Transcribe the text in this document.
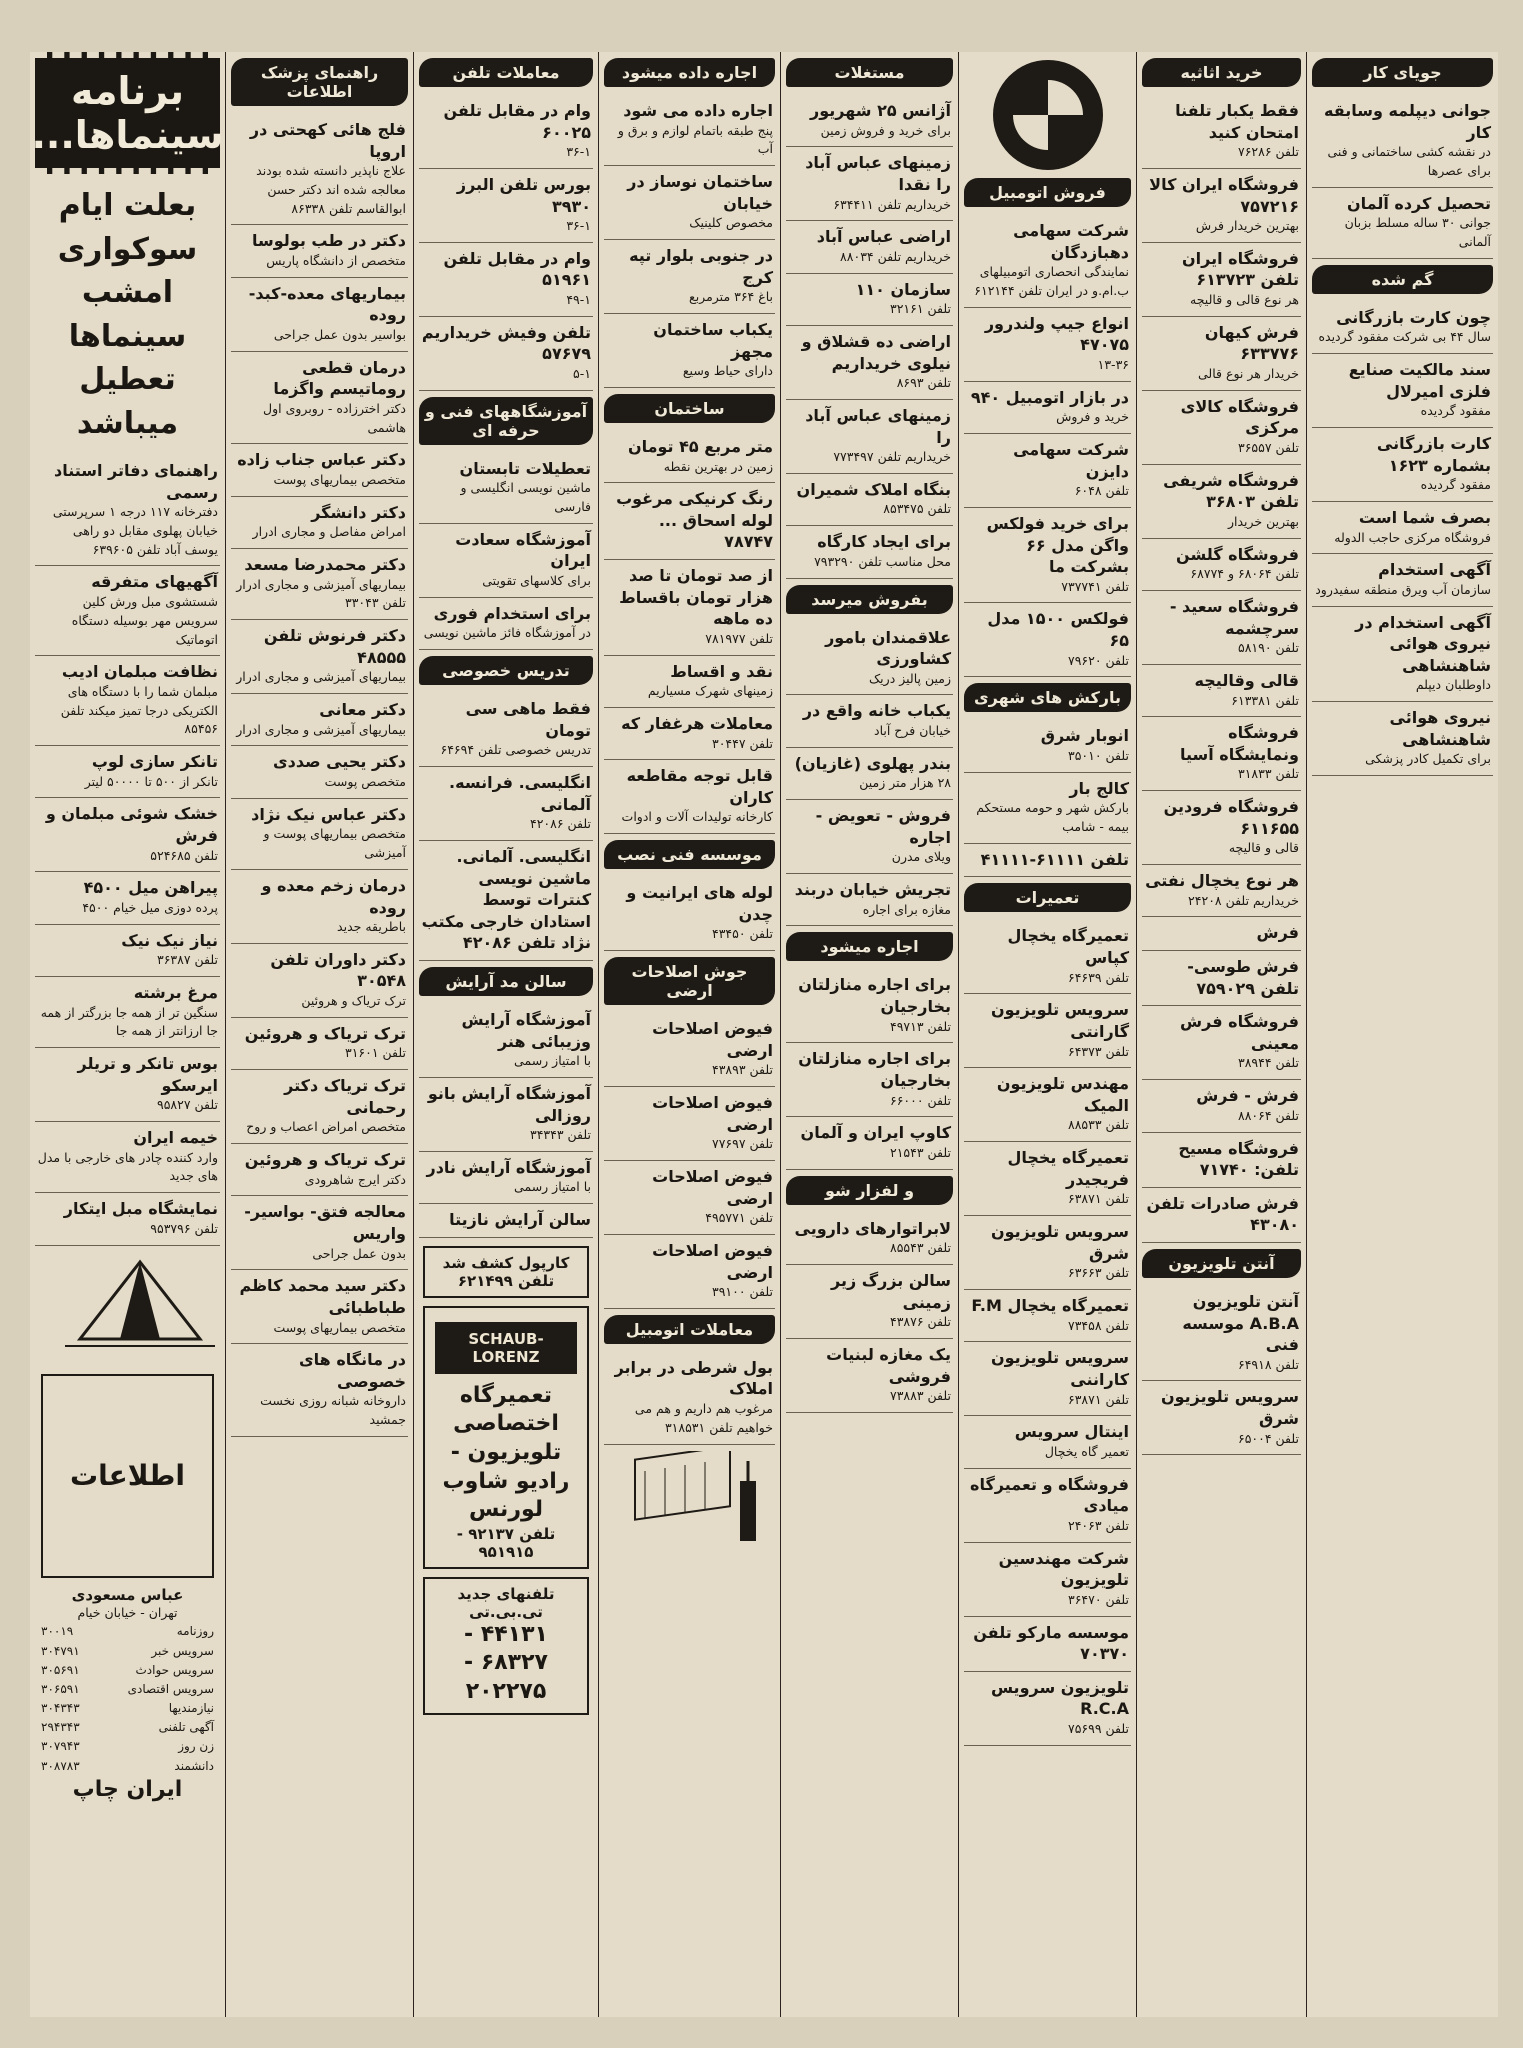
جویای کار
جوانی دیپلمه وسابقه کار
در نقشه کشی ساختمانی و فنی برای عصرها
تحصیل کرده آلمان
جوانی ۳۰ ساله مسلط بزبان آلمانی
گم شده
چون کارت بازرگانی
سال ۴۴ بی شرکت مفقود گردیده
سند مالکیت صنایع فلزی امیرلال
مفقود گردیده
کارت بازرگانی بشماره ۱۶۲۳
مفقود گردیده
بصرف شما است
فروشگاه مرکزی حاجب الدوله
آگهی استخدام
سازمان آب ویرق منطقه سفیدرود
آگهی استخدام در نیروی هوائی شاهنشاهی
داوطلبان دیپلم
نیروی هوائی شاهنشاهی
برای تکمیل کادر پزشکی
خرید اثاثیه
فقط یکبار تلفنا امتحان کنید
تلفن ۷۶۲۸۶
فروشگاه ایران کالا ۷۵۷۲۱۶
بهترین خریدار فرش
فروشگاه ایران تلفن ۶۱۳۷۲۳
هر نوع قالی و قالیچه
فرش کیهان ۶۳۳۷۷۶
خریدار هر نوع قالی
فروشگاه کالای مرکزی
تلفن ۳۶۵۵۷
فروشگاه شریفی تلفن ۳۶۸۰۳
بهترین خریدار
فروشگاه گلشن
تلفن ۶۸۰۶۴ و ۶۸۷۷۴
فروشگاه سعید - سرچشمه
تلفن ۵۸۱۹۰
قالی وقالیچه
تلفن ۶۱۳۳۸۱
فروشگاه ونمایشگاه آسیا
تلفن ۳۱۸۳۳
فروشگاه فرودین ۶۱۱۶۵۵
قالی و قالیچه
هر نوع یخچال نفتی
خریداریم تلفن ۲۴۲۰۸
فرش
فرش طوسی- تلفن ۷۵۹۰۲۹
فروشگاه فرش معینی
تلفن ۳۸۹۴۴
فرش - فرش
تلفن ۸۸۰۶۴
فروشگاه مسیح تلفن: ۷۱۷۴۰
فرش صادرات تلفن ۴۳۰۸۰
آنتن تلویزیون
آنتن تلویزیون A.B.A موسسه فنی
تلفن ۶۴۹۱۸
سرویس تلویزیون شرق
تلفن ۶۵۰۰۴
فروش اتومبیل
شرکت سهامی دهبازدگان
نمایندگی انحصاری اتومبیلهای ب.ام.و در ایران تلفن ۶۱۲۱۴۴
انواع جیپ ولندرور ۴۷۰۷۵
۱۳-۳۶
در بازار اتومبیل ۹۴۰
خرید و فروش
شرکت سهامی دایزن
تلفن ۶۰۴۸
برای خرید فولکس واگن مدل ۶۶ بشرکت ما
تلفن ۷۳۷۷۴۱
فولکس ۱۵۰۰ مدل ۶۵
تلفن ۷۹۶۲۰
بارکش های شهری
انوبار شرق
تلفن ۳۵۰۱۰
کالج بار
بارکش شهر و حومه مستحکم بیمه - شامب
تلفن ۶۱۱۱۱-۴۱۱۱۱
تعمیرات
تعمیرگاه یخچال کپاس
تلفن ۶۴۶۳۹
سرویس تلویزیون گارانتی
تلفن ۶۴۳۷۳
مهندس تلویزیون المیک
تلفن ۸۸۵۳۳
تعمیرگاه یخچال فریجیدر
تلفن ۶۳۸۷۱
سرویس تلویزیون شرق
تلفن ۶۳۶۶۳
تعمیرگاه یخچال F.M
تلفن ۷۳۴۵۸
سرویس تلویزیون کاراننی
تلفن ۶۳۸۷۱
اینتال سرویس
تعمیر گاه یخچال
فروشگاه و تعمیرگاه میادی
تلفن ۲۴۰۶۳
شرکت مهندسین تلویزیون
تلفن ۳۶۴۷۰
موسسه مارکو تلفن ۷۰۳۷۰
تلویزیون سرویس R.C.A
تلفن ۷۵۶۹۹
مستغلات
آژانس ۲۵ شهریور
برای خرید و فروش زمین
زمینهای عباس آباد را نقدا
خریداریم تلفن ۶۳۴۴۱۱
اراضی عباس آباد
خریداریم تلفن ۸۸۰۳۴
سازمان ۱۱۰
تلفن ۳۲۱۶۱
اراضی ده قشلاق و نیلوی خریداریم
تلفن ۸۶۹۳
زمینهای عباس آباد را
خریداریم تلفن ۷۷۳۴۹۷
بنگاه املاک شمیران
تلفن ۸۵۳۴۷۵
برای ایجاد کارگاه
محل مناسب تلفن ۷۹۳۲۹۰
بفروش میرسد
علاقمندان بامور کشاورزی
زمین پالیز دریک
یکباب خانه واقع در
خیابان فرح آباد
بندر پهلوی (غازیان)
۲۸ هزار متر زمین
فروش - تعویض - اجاره
ویلای مدرن
تجریش خیابان دربند
مغازه برای اجاره
اجاره میشود
برای اجاره منازلتان بخارجیان
تلفن ۴۹۷۱۳
برای اجاره منازلتان بخارجیان
تلفن ۶۶۰۰۰
کاوپ ایران و آلمان
تلفن ۲۱۵۴۳
و لفزار شو
لابراتوارهای دارویی
تلفن ۸۵۵۴۳
سالن بزرگ زیر زمینی
تلفن ۴۳۸۷۶
یک مغازه لبنیات فروشی
تلفن ۷۳۸۸۳
اجاره داده میشود
اجاره داده می شود
پنج طبقه باتمام لوازم و برق و آب
ساختمان نوساز در خیابان
مخصوص کلینیک
در جنوبی بلوار تپه کرج
باغ ۳۶۴ مترمربع
یکباب ساختمان مجهز
دارای حیاط وسیع
ساختمان
متر مربع ۴۵ تومان
زمین در بهترین نقطه
رنگ کرنیکی مرغوب لوله اسحاق ... ۷۸۷۴۷
از صد تومان تا صد هزار تومان باقساط ده ماهه
تلفن ۷۸۱۹۷۷
نقد و اقساط
زمینهای شهرک مسیاریم
معاملات هرغفار که
تلفن ۳۰۴۴۷
قابل توجه مقاطعه کاران
کارخانه تولیدات آلات و ادوات
موسسه فنی نصب
لوله های ایرانیت و چدن
تلفن ۴۳۴۵۰
جوش اصلاحات ارضی
فیوض اصلاحات ارضی
تلفن ۴۳۸۹۳
فیوض اصلاحات ارضی
تلفن ۷۷۶۹۷
فیوض اصلاحات ارضی
تلفن ۴۹۵۷۷۱
فیوض اصلاحات ارضی
تلفن ۳۹۱۰۰
معاملات اتومبیل
بول شرطی در برابر املاک
مرغوب هم داریم و هم می خواهیم تلفن ۳۱۸۵۳۱
معاملات تلفن
وام در مقابل تلفن ۶۰۰۲۵
۳۶-۱
بورس تلفن البرز ۳۹۳۰
۳۶-۱
وام در مقابل تلفن ۵۱۹۶۱
۴۹-۱
تلفن وفیش خریداریم ۵۷۶۷۹
۵-۱
آموزشگاههای فنی و حرفه ای
تعطیلات تابستان
ماشین نویسی انگلیسی و فارسی
آموزشگاه سعادت ایران
برای کلاسهای تقویتی
برای استخدام فوری
در آموزشگاه فائز ماشین نویسی
تدریس خصوصی
فقط ماهی سی تومان
تدریس خصوصی تلفن ۶۴۶۹۴
انگلیسی. فرانسه. آلمانی
تلفن ۴۲۰۸۶
انگلیسی. آلمانی. ماشین نویسی کنترات توسط استادان خارجی مکتب نژاد تلفن ۴۲۰۸۶
سالن مد آرایش
آموزشگاه آرایش وزیبائی هنر
با امتیاز رسمی
آموزشگاه آرایش بانو روزالی
تلفن ۳۴۳۴۳
آموزشگاه آرایش نادر
با امتیاز رسمی
سالن آرایش نازیتا
کارپول کشف شد تلفن ۶۲۱۴۹۹
SCHAUB-LORENZ
تعمیرگاه اختصاصی تلویزیون - رادیو شاوب لورنس
تلفن ۹۲۱۳۷ - ۹۵۱۹۱۵
تلفنهای جدید تی.بی.تی
۴۴۱۳۱ - ۶۸۳۲۷ - ۲۰۲۲۷۵
راهنمای پزشک اطلاعات
فلج هائی کهحتی در اروپا
علاج ناپذیر دانسته شده بودند معالجه شده اند دکتر حسن ابوالقاسم تلفن ۸۶۳۳۸
دکتر در طب بولوسا
متخصص از دانشگاه پاریس
بیماریهای معده-کبد-روده
بواسیر بدون عمل جراحی
درمان قطعی روماتیسم واگزما
دکتر اخترزاده - روبروی اول هاشمی
دکتر عباس جناب زاده
متخصص بیماریهای پوست
دکتر دانشگر
امراض مفاصل و مجاری ادرار
دکتر محمدرضا مسعد
بیماریهای آمیزشی و مجاری ادرار تلفن ۳۳۰۴۳
دکتر فرنوش تلفن ۴۸۵۵۵
بیماریهای آمیزشی و مجاری ادرار
دکتر معانی
بیماریهای آمیزشی و مجاری ادرار
دکتر یحیی صددی
متخصص پوست
دکتر عباس نیک نژاد
متخصص بیماریهای پوست و آمیزشی
درمان زخم معده و روده
باطریقه جدید
دکتر داوران تلفن ۳۰۵۴۸
ترک تریاک و هروئین
ترک تریاک و هروئین
تلفن ۳۱۶۰۱
ترک تریاک دکتر رحمانی
متخصص امراض اعصاب و روح
ترک تریاک و هروئین
دکتر ایرج شاهرودی
معالجه فتق- بواسیر- واریس
بدون عمل جراحی
دکتر سید محمد کاظم طباطبائی
متخصص بیماریهای پوست
در مانگاه های خصوصی
داروخانه شبانه روزی نخست جمشید
برنامه سینماها...
بعلت ایام سوکواری امشب سینماها تعطیل میباشد
راهنمای دفاتر استناد رسمی
دفترخانه ۱۱۷ درجه ۱ سرپرستی خیابان پهلوی مقابل دو راهی یوسف آباد تلفن ۶۳۹۶۰۵
آگهیهای متفرقه
شستشوی مبل ورش کلین سرویس مهر بوسیله دستگاه اتوماتیک
نظافت مبلمان ادیب
مبلمان شما را با دستگاه های الکتریکی درجا تمیز میکند تلفن ۸۵۴۵۶
تانکر سازی لوپ
تانکر از ۵۰۰ تا ۵۰۰۰۰ لیتر
خشک شوئی مبلمان و فرش
تلفن ۵۲۴۶۸۵
پیراهن میل ۴۵۰۰
پرده دوزی میل خیام ۴۵۰۰
نیاز نیک نیک
تلفن ۳۶۳۸۷
مرغ برشته
سنگین تر از همه جا بزرگتر از همه جا ارزانتر از همه جا
بوس تانکر و تریلر ایرسکو
تلفن ۹۵۸۲۷
خیمه ایران
وارد کننده چادر های خارجی با مدل های جدید
نمایشگاه مبل ایتکار
تلفن ۹۵۳۷۹۶
اطلاعات
عباس مسعودی
تهران - خیابان خیام
روزنامه
۳۰۰۱۹
سرویس خبر
۳۰۴۷۹۱
سرویس حوادث
۳۰۵۶۹۱
سرویس اقتصادی
۳۰۶۵۹۱
نیازمندیها
۳۰۴۳۴۳
آگهی تلفنی
۲۹۴۳۴۳
زن روز
۳۰۷۹۴۳
دانشمند
۳۰۸۷۸۳
ایران چاپ
